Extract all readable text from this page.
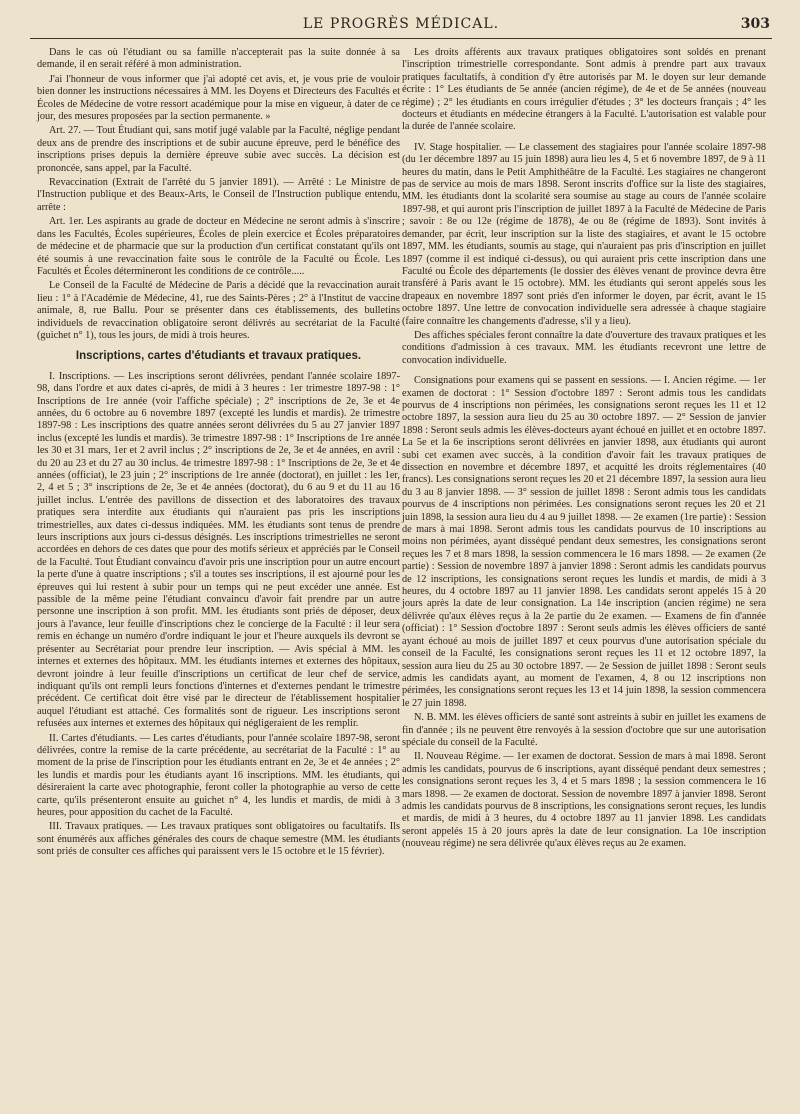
LE PROGRÈS MÉDICAL.	303

Dans le cas où l'étudiant ou sa famille n'accepterait pas la suite donnée à sa demande, il en serait référé à mon administration.

J'ai l'honneur de vous informer que j'ai adopté cet avis, et, je vous prie de vouloir bien donner les instructions nécessaires à MM. les Doyens et Directeurs des Facultés et Écoles de Médecine de votre ressort académique pour la mise en vigueur, à dater de ce jour, des mesures proposées par la section permanente. »

Art. 27. — Tout Étudiant qui, sans motif jugé valable par la Faculté, néglige pendant deux ans de prendre des inscriptions et de subir aucune épreuve, perd le bénéfice des inscriptions prises depuis la dernière épreuve subie avec succès. La décision est prononcée, sans appel, par la Faculté.

Revaccination (Extrait de l'arrêté du 5 janvier 1891). — Arrêté : Le Ministre de l'Instruction publique et des Beaux-Arts, le Conseil de l'Instruction publique entendu, arrête :

Art. 1er. Les aspirants au grade de docteur en Médecine ne seront admis à s'inscrire dans les Facultés, Écoles supérieures, Écoles de plein exercice et Écoles préparatoires de médecine et de pharmacie que sur la production d'un certificat constatant qu'ils ont été soumis à une revaccination faite sous le contrôle de la Faculté ou École. Les Facultés et Écoles détermineront les conditions de ce contrôle.....

Le Conseil de la Faculté de Médecine de Paris a décidé que la revaccination aurait lieu : 1° à l'Académie de Médecine, 41, rue des Saints-Pères ; 2° à l'Institut de vaccine animale, 8, rue Ballu. Pour se présenter dans ces établissements, des bulletins individuels de revaccination obligatoire seront délivrés au secrétariat de la Faculté (guichet n° 1), tous les jours, de midi à trois heures.

Inscriptions, cartes d'étudiants et travaux pratiques.

I. Inscriptions. — Les inscriptions seront délivrées, pendant l'année scolaire 1897-98, dans l'ordre et aux dates ci-après, de midi à 3 heures : 1er trimestre 1897-98 : 1° Inscriptions de 1re année (voir l'affiche spéciale) ; 2° inscriptions de 2e, 3e et 4e années, du 6 octobre au 6 novembre 1897 (excepté les lundis et mardis). 2e trimestre 1897-98 : Les inscriptions des quatre années seront délivrées du 5 au 27 janvier 1897 inclus (excepté les lundis et mardis). 3e trimestre 1897-98 : 1° Inscriptions de 1re année les 30 et 31 mars, 1er et 2 avril inclus ; 2° inscriptions de 2e, 3e et 4e années, en avril : du 20 au 23 et du 27 au 30 inclus. 4e trimestre 1897-98 : 1° Inscriptions de 2e, 3e et 4e années (officiat), le 23 juin ; 2° inscriptions de 1re année (doctorat), en juillet : les 1er, 2, 4 et 5 ; 3° inscriptions de 2e, 3e et 4e années (doctorat), du 6 au 9 et du 11 au 16 juillet inclus. L'entrée des pavillons de dissection et des laboratoires des travaux pratiques sera interdite aux étudiants qui n'auraient pas pris les inscriptions trimestrielles, aux dates ci-dessus indiquées. MM. les étudiants sont tenus de prendre leurs inscriptions aux jours ci-dessus désignés. Les inscriptions trimestrielles ne seront accordées en dehors de ces dates que pour des motifs sérieux et appréciés par le Conseil de la Faculté. Tout Étudiant convaincu d'avoir pris une inscription pour un autre encourt la perte d'une à quatre inscriptions ; s'il a toutes ses inscriptions, il est ajourné pour les épreuves qui lui restent à subir pour un temps qui ne peut excéder une année. Est passible de la même peine l'étudiant convaincu d'avoir fait prendre par un autre personne une inscription à son profit. MM. les étudiants sont priés de déposer, deux jours à l'avance, leur feuille d'inscriptions chez le concierge de la Faculté : il leur sera remis en échange un numéro d'ordre indiquant le jour et l'heure auxquels ils devront se présenter au Secrétariat pour prendre leur inscription. — Avis spécial à MM. les internes et externes des hôpitaux. MM. les étudiants internes et externes des hôpitaux, devront joindre à leur feuille d'inscriptions un certificat de leur chef de service, indiquant qu'ils ont rempli leurs fonctions d'internes et d'externes pendant le trimestre précédent. Ce certificat doit être visé par le directeur de l'établissement hospitalier auquel l'étudiant est attaché. Ces formalités sont de rigueur. Les inscriptions seront refusées aux internes et externes des hôpitaux qui négligeraient de les remplir.

II. Cartes d'étudiants. — Les cartes d'étudiants, pour l'année scolaire 1897-98, seront délivrées, contre la remise de la carte précédente, au secrétariat de la Faculté : 1° au moment de la prise de l'inscription pour les étudiants entrant en 2e, 3e et 4e années ; 2° les lundis et mardis pour les étudiants ayant 16 inscriptions. MM. les étudiants, qui désireraient la carte avec photographie, feront coller la photographie au verso de cette carte, qu'ils présenteront ensuite au guichet n° 4, les lundis et mardis, de midi à 3 heures, pour apposition du cachet de la Faculté.

III. Travaux pratiques. — Les travaux pratiques sont obligatoires ou facultatifs. Ils sont énumérés aux affiches générales des cours de chaque semestre (MM. les étudiants sont priés de consulter ces affiches qui paraissent vers le 15 octobre et le 15 février).

Les droits afférents aux travaux pratiques obligatoires sont soldés en prenant l'inscription trimestrielle correspondante. Sont admis à prendre part aux travaux pratiques facultatifs, à condition d'y être autorisés par M. le doyen sur leur demande écrite : 1° Les étudiants de 5e année (ancien régime), de 4e et de 5e années (nouveau régime) ; 2° les étudiants en cours irrégulier d'études ; 3° les docteurs français ; 4° les docteurs et étudiants en médecine étrangers à la Faculté. L'autorisation est valable pour la durée de l'année scolaire.

IV. Stage hospitalier. — Le classement des stagiaires pour l'année scolaire 1897-98 (du 1er décembre 1897 au 15 juin 1898) aura lieu les 4, 5 et 6 novembre 1897, de 9 à 11 heures du matin, dans le Petit Amphithéâtre de la Faculté. Les stagiaires ne changeront pas de service au mois de mars 1898. Seront inscrits d'office sur la liste des stagiaires, MM. les étudiants dont la scolarité sera soumise au stage au cours de l'année scolaire 1897-98, et qui auront pris l'inscription de juillet 1897 à la Faculté de Médecine de Paris ; savoir : 8e ou 12e (régime de 1878), 4e ou 8e (régime de 1893). Sont invités à demander, par écrit, leur inscription sur la liste des stagiaires, et avant le 15 octobre 1897, MM. les étudiants, soumis au stage, qui n'auraient pas pris d'inscription en juillet 1897 (comme il est indiqué ci-dessus), ou qui auraient pris cette inscription dans une Faculté ou École des départements (le dossier des élèves venant de province devra être transféré à Paris avant le 15 octobre). MM. les étudiants qui seront appelés sous les drapeaux en novembre 1897 sont priés d'en informer le doyen, par écrit, avant le 15 octobre 1897. Une lettre de convocation individuelle sera adressée à chaque stagiaire (faire connaître les changements d'adresse, s'il y a lieu).

Des affiches spéciales feront connaître la date d'ouverture des travaux pratiques et les conditions d'admission à ces travaux. MM. les étudiants recevront une lettre de convocation individuelle.

Consignations pour examens qui se passent en sessions. — I. Ancien régime. — 1er examen de doctorat : 1° Session d'octobre 1897 : Seront admis tous les candidats pourvus de 4 inscriptions non périmées, les consignations seront reçues les 11 et 12 octobre 1897, la session aura lieu du 25 au 30 octobre 1897. — 2° Session de janvier 1898 : Seront seuls admis les élèves-docteurs ayant échoué en juillet et en octobre 1897. La 5e et la 6e inscriptions seront délivrées en janvier 1898, aux étudiants qui auront subi cet examen avec succès, à la condition d'avoir fait les travaux pratiques de dissection en novembre et décembre 1897, et acquitté les droits réglementaires (40 francs). Les consignations seront reçues les 20 et 21 décembre 1897, la session aura lieu du 3 au 8 janvier 1898. — 3° session de juillet 1898 : Seront admis tous les candidats pourvus de 4 inscriptions non périmées. Les consignations seront reçues les 20 et 21 juin 1898, la session aura lieu du 4 au 9 juillet 1898. — 2e examen (1re partie) : Session de mars à mai 1898. Seront admis tous les candidats pourvus de 10 inscriptions au moins non périmées, ayant disséqué pendant deux semestres, les consignations seront reçues les 7 et 8 mars 1898, la session commencera le 16 mars 1898. — 2e examen (2e partie) : Session de novembre 1897 à janvier 1898 : Seront admis les candidats pourvus de 12 inscriptions, les consignations seront reçues les lundis et mardis, de midi à 3 heures, du 4 octobre 1897 au 11 janvier 1898. Les candidats seront appelés 15 à 20 jours après la date de leur consignation. La 14e inscription (ancien régime) ne sera délivrée qu'aux élèves reçus à la 2e partie du 2e examen. — Examens de fin d'année (officiat) : 1° Session d'octobre 1897 : Seront seuls admis les élèves officiers de santé ayant échoué au mois de juillet 1897 et ceux pourvus d'une autorisation spéciale du conseil de la Faculté, les consignations seront reçues les 11 et 12 octobre 1897, la session aura lieu du 25 au 30 octobre 1897. — 2e Session de juillet 1898 : Seront seuls admis les candidats ayant, au moment de l'examen, 4, 8 ou 12 inscriptions non périmées, les consignations seront reçues les 13 et 14 juin 1898, la session commencera le 27 juin 1898.

N. B. MM. les élèves officiers de santé sont astreints à subir en juillet les examens de fin d'année ; ils ne peuvent être renvoyés à la session d'octobre que sur une autorisation spéciale du conseil de la Faculté.

II. Nouveau Régime. — 1er examen de doctorat. Session de mars à mai 1898. Seront admis les candidats, pourvus de 6 inscriptions, ayant disséqué pendant deux semestres ; les consignations seront reçues les 3, 4 et 5 mars 1898 ; la session commencera le 16 mars 1898. — 2e examen de doctorat. Session de novembre 1897 à janvier 1898. Seront admis les candidats pourvus de 8 inscriptions, les consignations seront reçues, les lundis et mardis, de midi à 3 heures, du 4 octobre 1897 au 11 janvier 1898. Les candidats seront appelés 15 à 20 jours après la date de leur consignation. La 10e inscription (nouveau régime) ne sera délivrée qu'aux élèves reçus au 2e examen.
